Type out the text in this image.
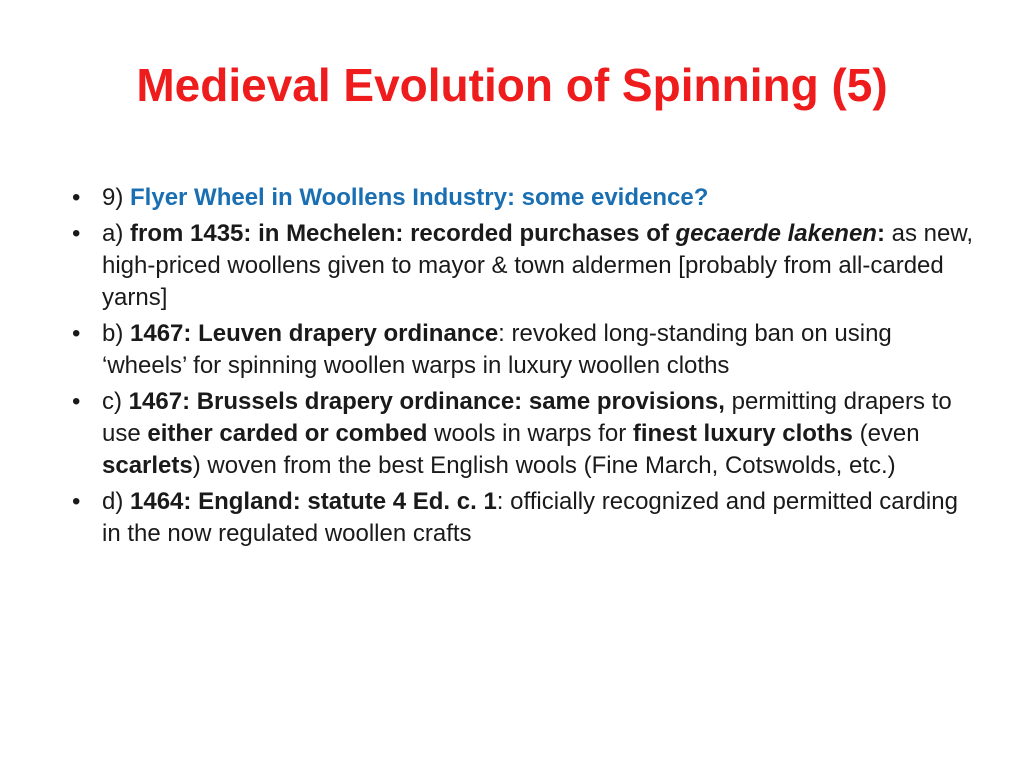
Medieval Evolution of Spinning (5)
• 9) Flyer Wheel in Woollens Industry: some evidence?
• a) from 1435: in Mechelen: recorded purchases of gecaerde lakenen: as new, high-priced woollens given to mayor & town aldermen [probably from all-carded yarns]
• b) 1467: Leuven drapery ordinance: revoked long-standing ban on using ‘wheels’ for spinning woollen warps in luxury woollen cloths
• c) 1467: Brussels drapery ordinance: same provisions, permitting drapers to use either carded or combed wools in warps for finest luxury cloths (even scarlets) woven from the best English wools (Fine March, Cotswolds, etc.)
• d) 1464: England: statute 4 Ed. c. 1: officially recognized and permitted carding in the now regulated woollen crafts
